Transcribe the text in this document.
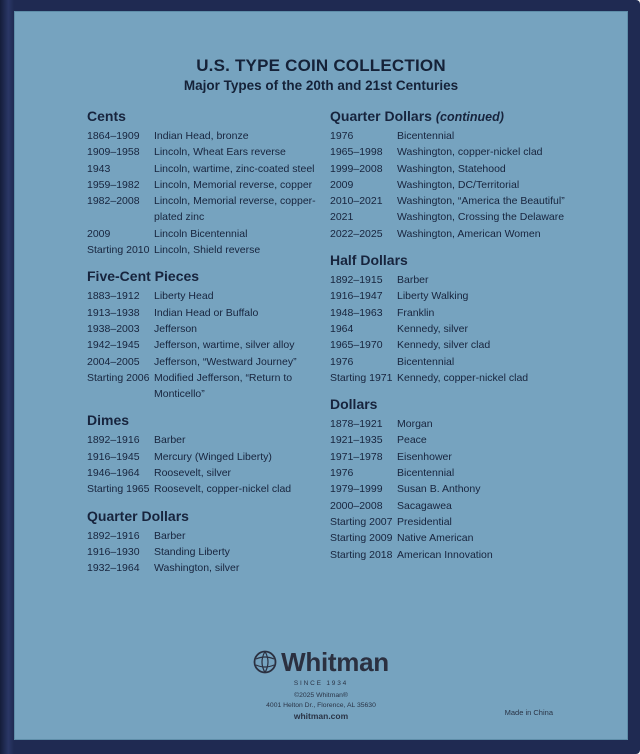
U.S. TYPE COIN COLLECTION
Major Types of the 20th and 21st Centuries
Cents
1864–1909	Indian Head, bronze
1909–1958	Lincoln, Wheat Ears reverse
1943	Lincoln, wartime, zinc-coated steel
1959–1982	Lincoln, Memorial reverse, copper
1982–2008	Lincoln, Memorial reverse, copper-plated zinc
2009	Lincoln Bicentennial
Starting 2010 Lincoln, Shield reverse
Five-Cent Pieces
1883–1912	Liberty Head
1913–1938	Indian Head or Buffalo
1938–2003	Jefferson
1942–1945	Jefferson, wartime, silver alloy
2004–2005	Jefferson, “Westward Journey”
Starting 2006 Modified Jefferson, “Return to Monticello”
Dimes
1892–1916	Barber
1916–1945	Mercury (Winged Liberty)
1946–1964	Roosevelt, silver
Starting 1965 Roosevelt, copper-nickel clad
Quarter Dollars
1892–1916	Barber
1916–1930	Standing Liberty
1932–1964	Washington, silver
Quarter Dollars (continued)
1976	Bicentennial
1965–1998	Washington, copper-nickel clad
1999–2008	Washington, Statehood
2009	Washington, DC/Territorial
2010–2021	Washington, “America the Beautiful”
2021	Washington, Crossing the Delaware
2022–2025	Washington, American Women
Half Dollars
1892–1915	Barber
1916–1947	Liberty Walking
1948–1963	Franklin
1964	Kennedy, silver
1965–1970	Kennedy, silver clad
1976	Bicentennial
Starting 1971 Kennedy, copper-nickel clad
Dollars
1878–1921	Morgan
1921–1935	Peace
1971–1978	Eisenhower
1976	Bicentennial
1979–1999	Susan B. Anthony
2000–2008	Sacagawea
Starting 2007 Presidential
Starting 2009 Native American
Starting 2018 American Innovation
Whitman
SINCE 1934
©2025 Whitman®
4001 Helton Dr., Florence, AL 35630
whitman.com	Made in China
